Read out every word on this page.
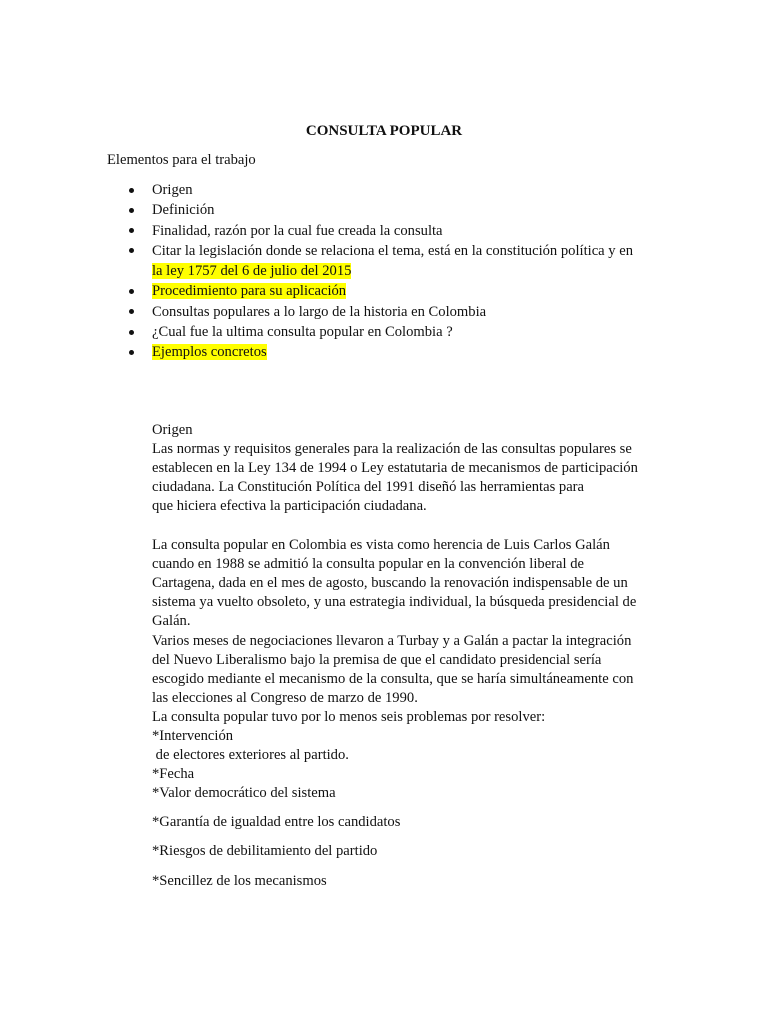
CONSULTA POPULAR
Elementos para el trabajo
Origen
Definición
Finalidad, razón por la cual fue creada la consulta
Citar la legislación donde se relaciona el tema, está en la constitución política y en
la ley 1757 del 6 de julio del 2015
Procedimiento para su aplicación
Consultas populares a lo largo de la historia en Colombia
¿Cual fue la ultima consulta popular en Colombia ?
Ejemplos concretos

Origen

Las normas y requisitos generales para la realización de las consultas populares se

establecen en la Ley 134 de 1994 o Ley estatutaria de mecanismos de participación

ciudadana. La Constitución Política del 1991 diseñó las herramientas para

que hiciera efectiva la participación ciudadana.

La consulta popular en Colombia es vista como herencia de Luis Carlos Galán

cuando en 1988 se admitió la consulta popular en la convención liberal de

Cartagena, dada en el mes de agosto, buscando la renovación indispensable de un

sistema ya vuelto obsoleto, y una estrategia individual, la búsqueda presidencial de

Galán.

Varios meses de negociaciones llevaron a Turbay y a Galán a pactar la integración

del Nuevo Liberalismo bajo la premisa de que el candidato presidencial sería

escogido mediante el mecanismo de la consulta, que se haría simultáneamente con

las elecciones al Congreso de marzo de 1990.

La consulta popular tuvo por lo menos seis problemas por resolver:

*Intervención

de electores exteriores al partido.

*Fecha

*Valor democrático del sistema

*Garantía de igualdad entre los candidatos

*Riesgos de debilitamiento del partido

*Sencillez de los mecanismos
